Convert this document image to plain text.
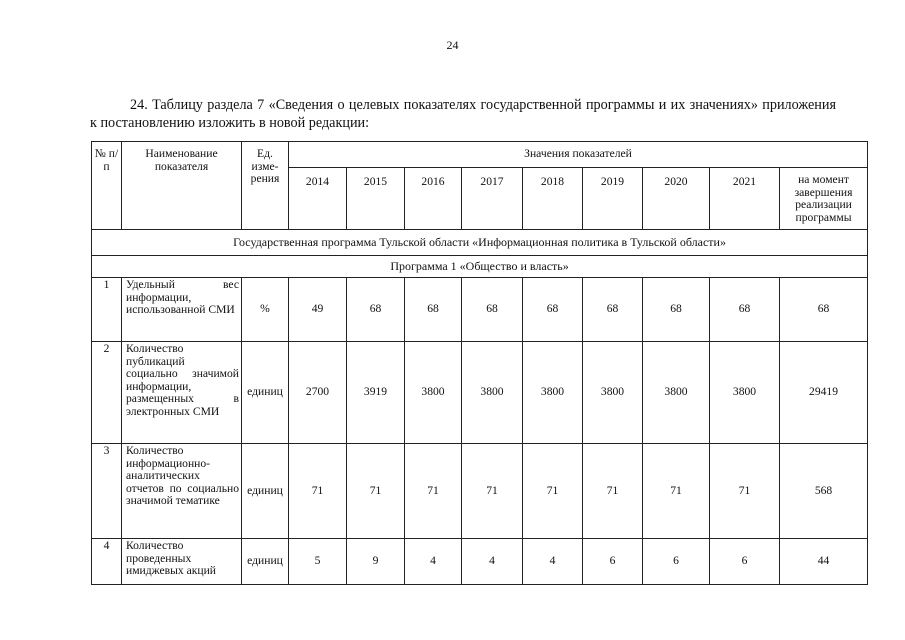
24

24. Таблицу раздела 7 «Сведения о целевых показателях государственной программы и их значениях» приложения к постановлению изложить в новой редакции:

№ п/п	Наименование показателя	Ед. изме-рения	Значения показателей								
			2014	2015	2016	2017	2018	2019	2020	2021	на момент завершения реализации программы
Государственная программа Тульской области «Информационная политика в Тульской области»											
Программа 1 «Общество и власть»											
1	Удельный вес информации, использованной СМИ	%	49	68	68	68	68	68	68	68	68
2	Количество публикаций социально значимой информации, размещенных в электронных СМИ	единиц	2700	3919	3800	3800	3800	3800	3800	3800	29419
3	Количество информационно-аналитических отчетов по социально значимой тематике	единиц	71	71	71	71	71	71	71	71	568
4	Количество проведенных имиджевых акций	единиц	5	9	4	4	4	6	6	6	44
